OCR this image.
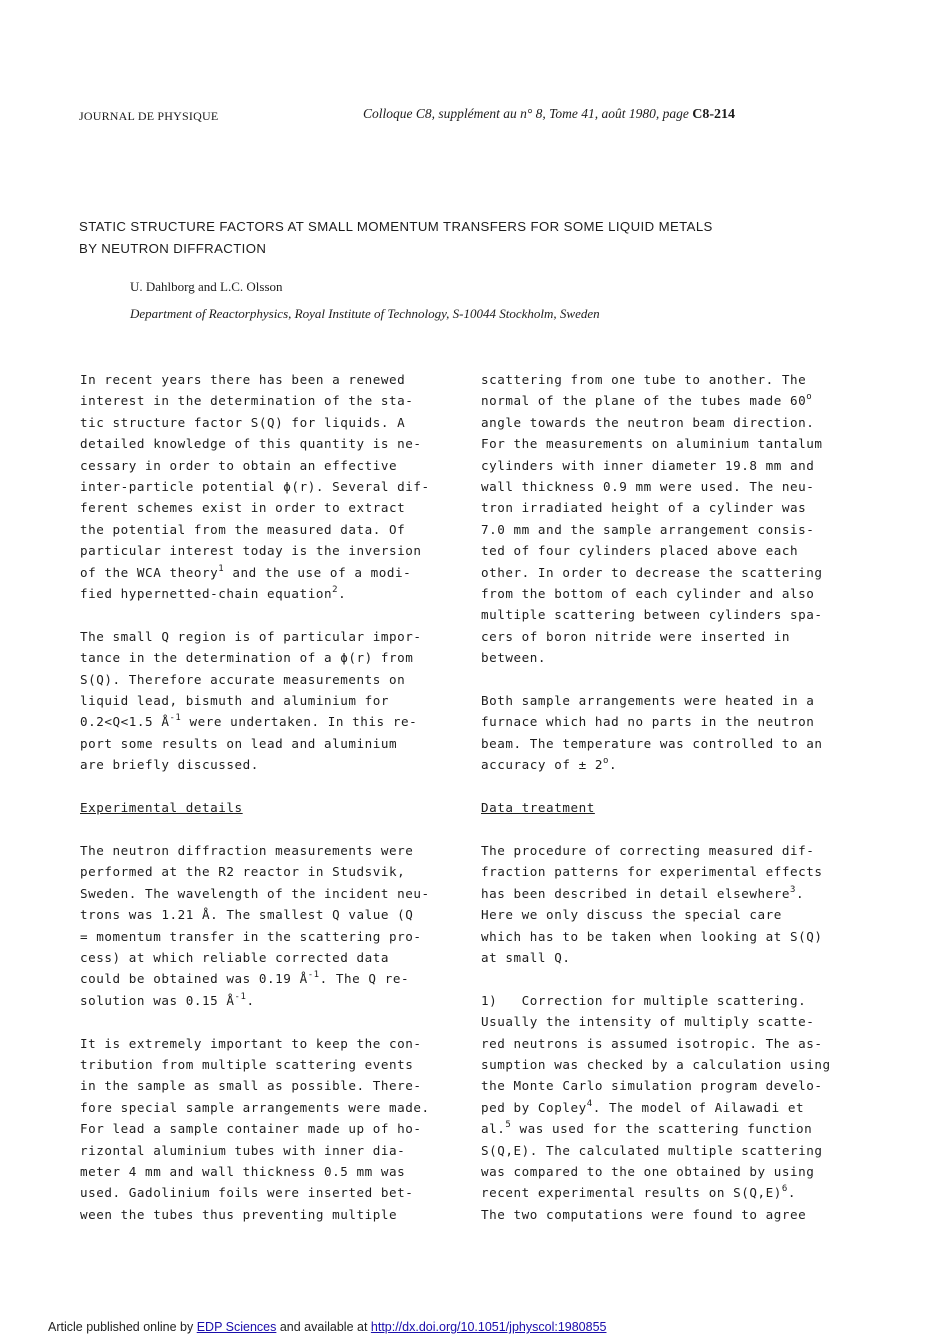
JOURNAL DE PHYSIQUE	Colloque C8, supplément au n° 8, Tome 41, août 1980, page C8-214
STATIC STRUCTURE FACTORS AT SMALL MOMENTUM TRANSFERS FOR SOME LIQUID METALS
BY NEUTRON DIFFRACTION
U. Dahlborg and L.C. Olsson
Department of Reactorphysics, Royal Institute of Technology, S-10044 Stockholm, Sweden

In recent years there has been a renewed

interest in the determination of the sta-

tic structure factor S(Q) for liquids. A

detailed knowledge of this quantity is ne-

cessary in order to obtain an effective

inter-particle potential ϕ(r). Several dif-

ferent schemes exist in order to extract

the potential from the measured data. Of

particular interest today is the inversion

of the WCA theory$^1$ and the use of a modi-

fied hypernetted-chain equation$^2$.

The small Q region is of particular impor-

tance in the determination of a ϕ(r) from

S(Q). Therefore accurate measurements on

liquid lead, bismuth and aluminium for

0.2<Q<1.5 $Å^{-1}$ were undertaken. In this re-

port some results on lead and aluminium

are briefly discussed.

Experimental details

The neutron diffraction measurements were

performed at the R2 reactor in Studsvik,

Sweden. The wavelength of the incident neu-

trons was 1.21 Å. The smallest Q value (Q

= momentum transfer in the scattering pro-

cess) at which reliable corrected data

could be obtained was 0.19 $Å^{-1}$. The Q re-

solution was 0.15 $Å^{-1}$.

It is extremely important to keep the con-

tribution from multiple scattering events

in the sample as small as possible. There-

fore special sample arrangements were made.

For lead a sample container made up of ho-

rizontal aluminium tubes with inner dia-

meter 4 mm and wall thickness 0.5 mm was

used. Gadolinium foils were inserted bet-

ween the tubes thus preventing multiple

scattering from one tube to another. The

normal of the plane of the tubes made 60$^o$

angle towards the neutron beam direction.

For the measurements on aluminium tantalum

cylinders with inner diameter 19.8 mm and

wall thickness 0.9 mm were used. The neu-

tron irradiated height of a cylinder was

7.0 mm and the sample arrangement consis-

ted of four cylinders placed above each

other. In order to decrease the scattering

from the bottom of each cylinder and also

multiple scattering between cylinders spa-

cers of boron nitride were inserted in

between.

Both sample arrangements were heated in a

furnace which had no parts in the neutron

beam. The temperature was controlled to an

accuracy of ± $2^o$.

Data treatment

The procedure of correcting measured dif-

fraction patterns for experimental effects

has been described in detail elsewhere$^3$.

Here we only discuss the special care

which has to be taken when looking at S(Q)

at small Q.

1)   Correction for multiple scattering.

Usually the intensity of multiply scatte-

red neutrons is assumed isotropic. The as-

sumption was checked by a calculation using

the Monte Carlo simulation program develo-

ped by Copley$^4$. The model of Ailawadi et

al.$^5$ was used for the scattering function

S(Q,E). The calculated multiple scattering

was compared to the one obtained by using

recent experimental results on $S(Q,E)^6$.

The two computations were found to agree

Article published online by EDP Sciences and available at http://dx.doi.org/10.1051/jphyscol:1980855
